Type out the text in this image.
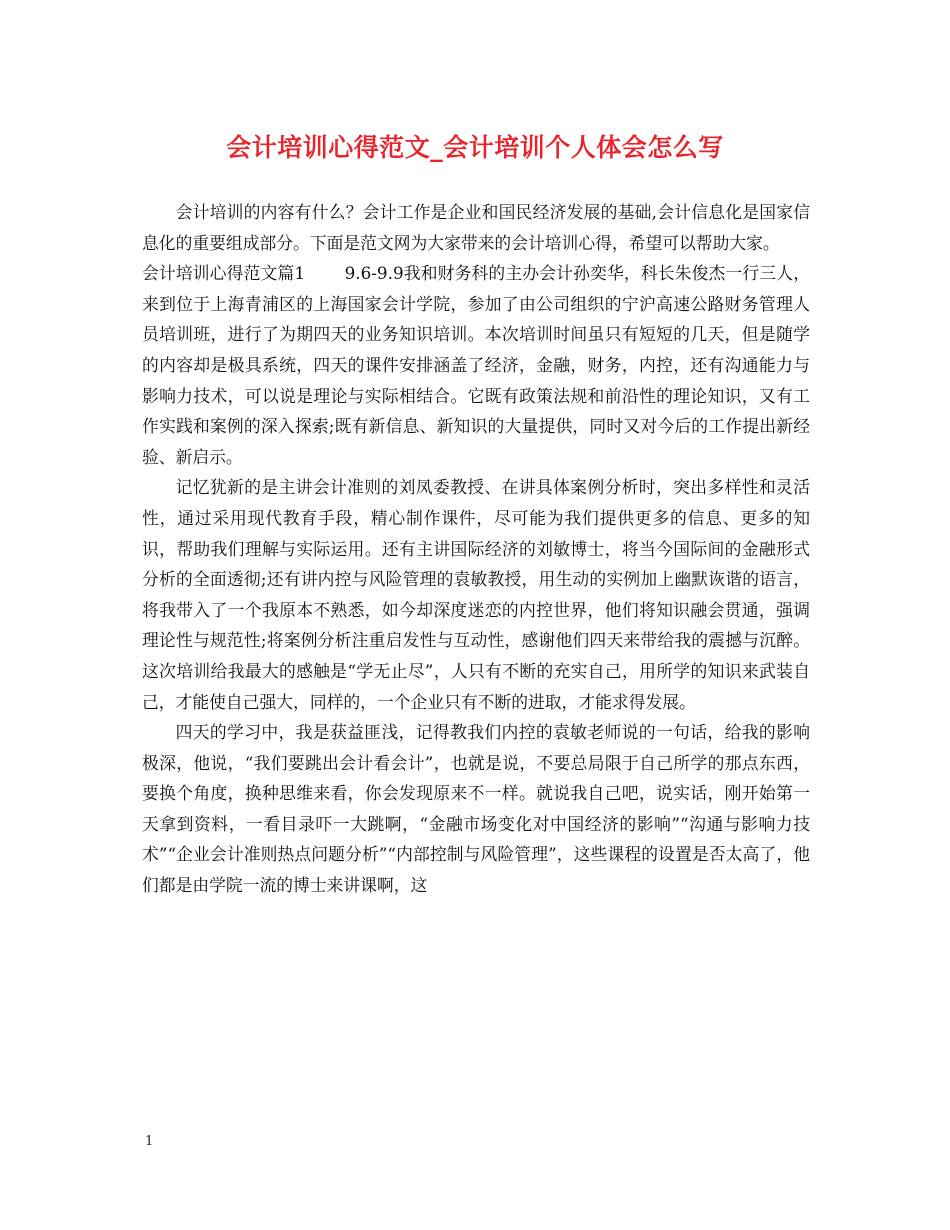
会计培训心得范文_会计培训个人体会怎么写

会计培训的内容有什么？会计工作是企业和国民经济发展的基础,会计信息化是国家信息化的重要组成部分。下面是范文网为大家带来的会计培训心得，希望可以帮助大家。

会计培训心得范文篇1　　 9.6-9.9我和财务科的主办会计孙奕华，科长朱俊杰一行三人，来到位于上海青浦区的上海国家会计学院，参加了由公司组织的宁沪高速公路财务管理人员培训班，进行了为期四天的业务知识培训。本次培训时间虽只有短短的几天，但是随学的内容却是极具系统，四天的课件安排涵盖了经济，金融，财务，内控，还有沟通能力与影响力技术，可以说是理论与实际相结合。它既有政策法规和前沿性的理论知识，又有工作实践和案例的深入探索;既有新信息、新知识的大量提供，同时又对今后的工作提出新经验、新启示。

记忆犹新的是主讲会计准则的刘凤委教授、在讲具体案例分析时，突出多样性和灵活性，通过采用现代教育手段，精心制作课件，尽可能为我们提供更多的信息、更多的知识，帮助我们理解与实际运用。还有主讲国际经济的刘敏博士，将当今国际间的金融形式分析的全面透彻;还有讲内控与风险管理的袁敏教授，用生动的实例加上幽默诙谐的语言，将我带入了一个我原本不熟悉，如今却深度迷恋的内控世界，他们将知识融会贯通，强调理论性与规范性;将案例分析注重启发性与互动性，感谢他们四天来带给我的震撼与沉醉。这次培训给我最大的感触是“学无止尽”，人只有不断的充实自己，用所学的知识来武装自己，才能使自己强大，同样的，一个企业只有不断的进取，才能求得发展。

四天的学习中，我是获益匪浅，记得教我们内控的袁敏老师说的一句话，给我的影响极深，他说，“我们要跳出会计看会计”，也就是说，不要总局限于自己所学的那点东西，要换个角度，换种思维来看，你会发现原来不一样。就说我自己吧，说实话，刚开始第一天拿到资料，一看目录吓一大跳啊，“金融市场变化对中国经济的影响”“沟通与影响力技术”“企业会计准则热点问题分析”“内部控制与风险管理”，这些课程的设置是否太高了，他们都是由学院一流的博士来讲课啊，这

1
